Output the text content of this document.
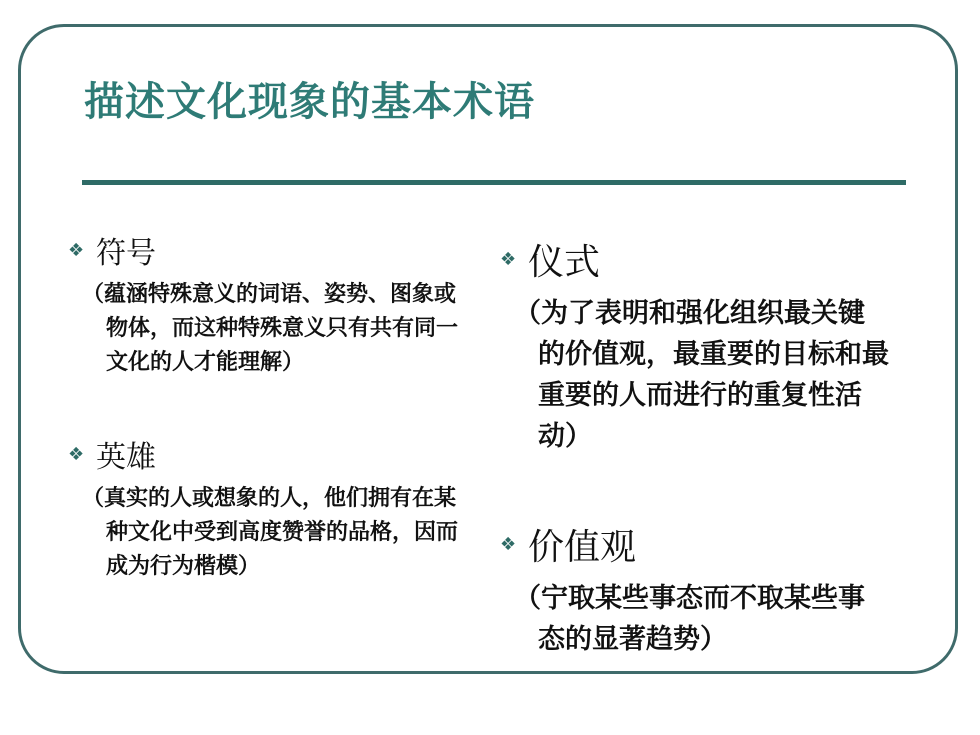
描述文化现象的基本术语
❖ 符号
（蕴涵特殊意义的词语、姿势、图象或物体，而这种特殊意义只有共有同一文化的人才能理解）
❖ 英雄
（真实的人或想象的人，他们拥有在某种文化中受到高度赞誉的品格，因而成为行为楷模）
❖ 仪式
（为了表明和强化组织最关键的价值观，最重要的目标和最重要的人而进行的重复性活动）
❖ 价值观
（宁取某些事态而不取某些事态的显著趋势）
